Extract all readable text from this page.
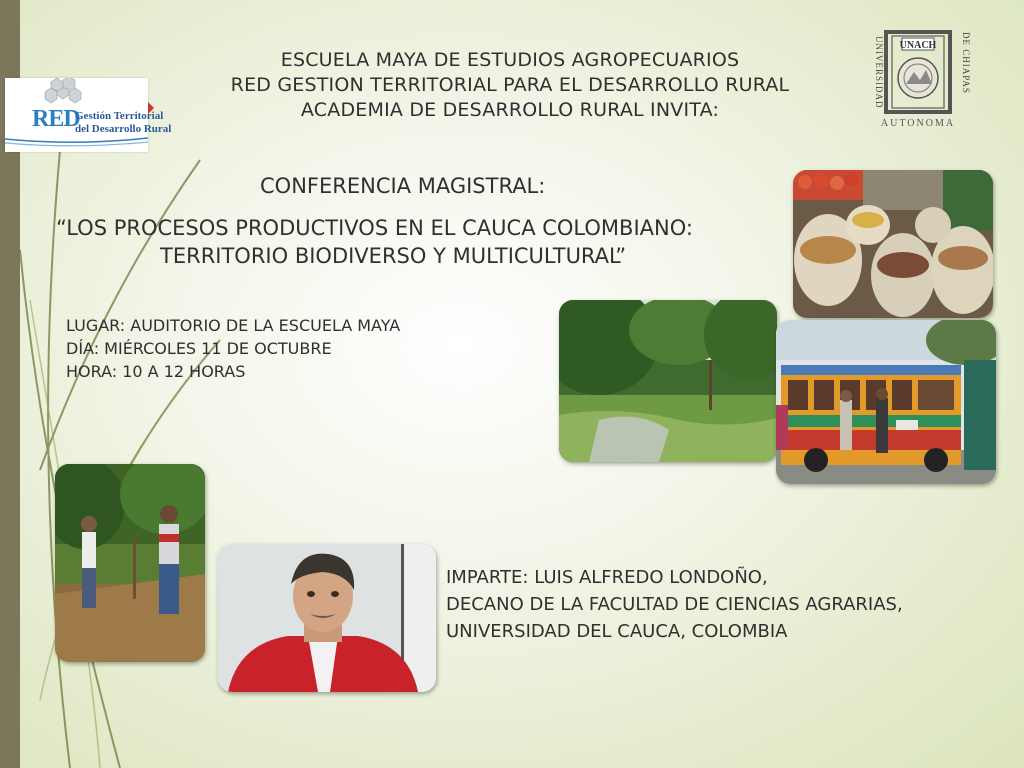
ESCUELA MAYA DE ESTUDIOS AGROPECUARIOS
RED GESTION TERRITORIAL PARA EL DESARROLLO RURAL
ACADEMIA DE DESARROLLO RURAL INVITA:
RED
Gestión Territorial
del Desarrollo Rural
UNIVERSIDAD	DE CHIAPAS
UNACH
AUTONOMA
CONFERENCIA MAGISTRAL:
“LOS PROCESOS PRODUCTIVOS EN EL CAUCA COLOMBIANO:
TERRITORIO BIODIVERSO Y MULTICULTURAL”
LUGAR: AUDITORIO DE LA ESCUELA MAYA
DÍA: MIÉRCOLES 11 DE OCTUBRE
HORA: 10 A 12 HORAS
IMPARTE: LUIS ALFREDO LONDOÑO,
DECANO DE LA FACULTAD DE CIENCIAS AGRARIAS,
UNIVERSIDAD DEL CAUCA, COLOMBIA
